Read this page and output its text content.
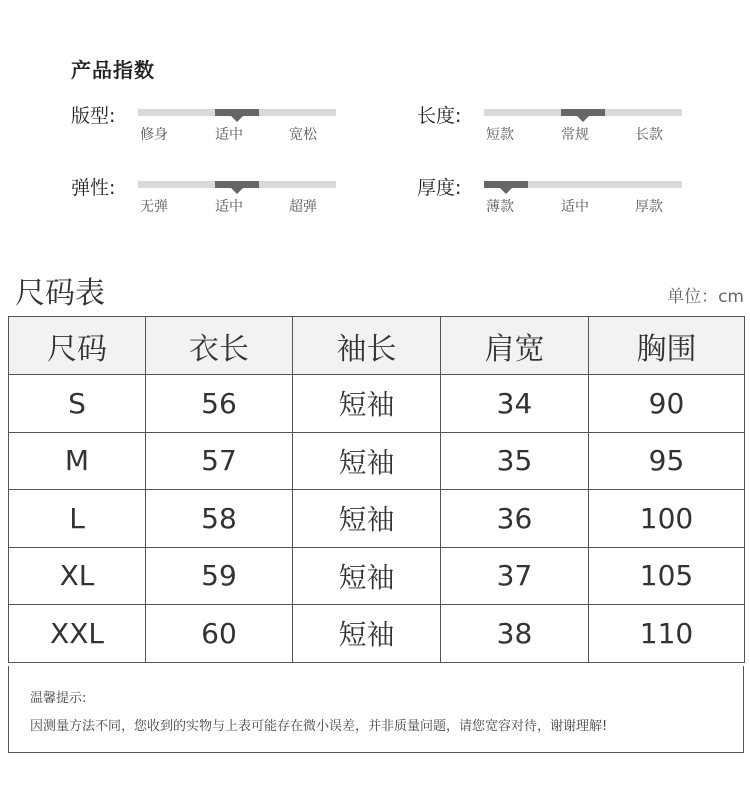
产品指数
版型:
修身	适中	宽松
长度:
短款	常规	长款
弹性:
无弹	适中	超弹
厚度:
薄款	适中	厚款
尺码表	单位：cm
尺码	衣长	袖长	肩宽	胸围
S	56	短袖	34	90
M	57	短袖	35	95
L	58	短袖	36	100
XL	59	短袖	37	105
XXL	60	短袖	38	110
温馨提示:
因测量方法不同，您收到的实物与上表可能存在微小误差，并非质量问题，请您宽容对待，谢谢理解!
